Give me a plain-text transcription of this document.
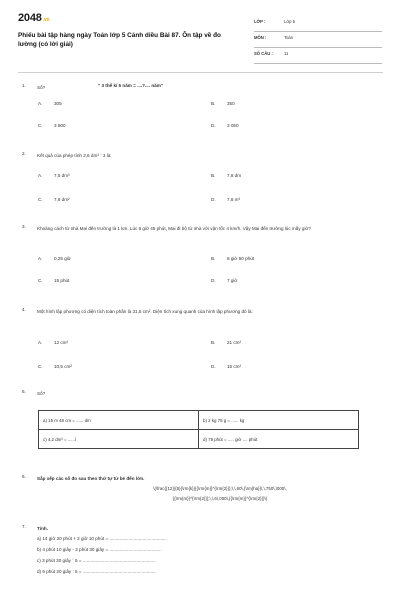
2048.vn
Phiếu bài tập hàng ngày Toán lớp 5 Cánh diều Bài 87. Ôn tập về đo lường (có lời giải)
LỚP :	Lớp 5
MÔN :	Toán
SỐ CÂU :	11
1. Số?	" 3 thế kỉ 5 năm = ....?.... năm"
A.	305	B.	350
C. 3 500	D. 3 050
2. Kết quả của phép tính 2,6 dm³ ´ 3 là:
A.	7,5 dm³	B.	7,8 dm
C. 7,8 dm²	D. 7,8 m³
3. Khoảng cách từ nhà Mai đến trường là 1 km. Lúc 6 giờ 45 phút, Mai đi bộ từ nhà với vận tốc 4 km/h. Vậy Mai đến trường lúc mấy giờ?
A.	0,25 giờ	B.	6 giờ 50 phút
C. 15 phút	D. 7 giờ
4. Một hình lập phương có diện tích toàn phần là 31,5 cm². Diện tích xung quanh của hình lập phương đó là:
A.	12 cm²	B.	21 cm²
C. 10,5 cm²	D. 15 cm²
5. Số?
a) 15 m 48 cm = ...... dm	b) 2 kg 75 g = ...... kg
c) 4,2 dm³ = ......l	d) 78 phút = ..... giờ .... phút
6. Sắp xếp các số đo sau theo thứ tự từ bé đến lớn.
\(\frac{{12}}{5}{\rm{k}}{{\rm{m}}^{\rm{2}}};\,\,60\,{\rm{ha}}\,\,750\,\000\,
{{\rm{m}}^{\rm{2}}};\,\,6\,000\,{{\rm{m}}^{\rm{2}}}\)
7. Tính.
a) 14 giờ 20 phút + 2 giờ 10 phút = .............................................
b) 4 phút 10 giây - 2 phút 30 giây = .........................................
c) 3 phút 30 giây ´ 5 = .........................................................
d) 6 phút 20 giây : 5 = .........................................................
